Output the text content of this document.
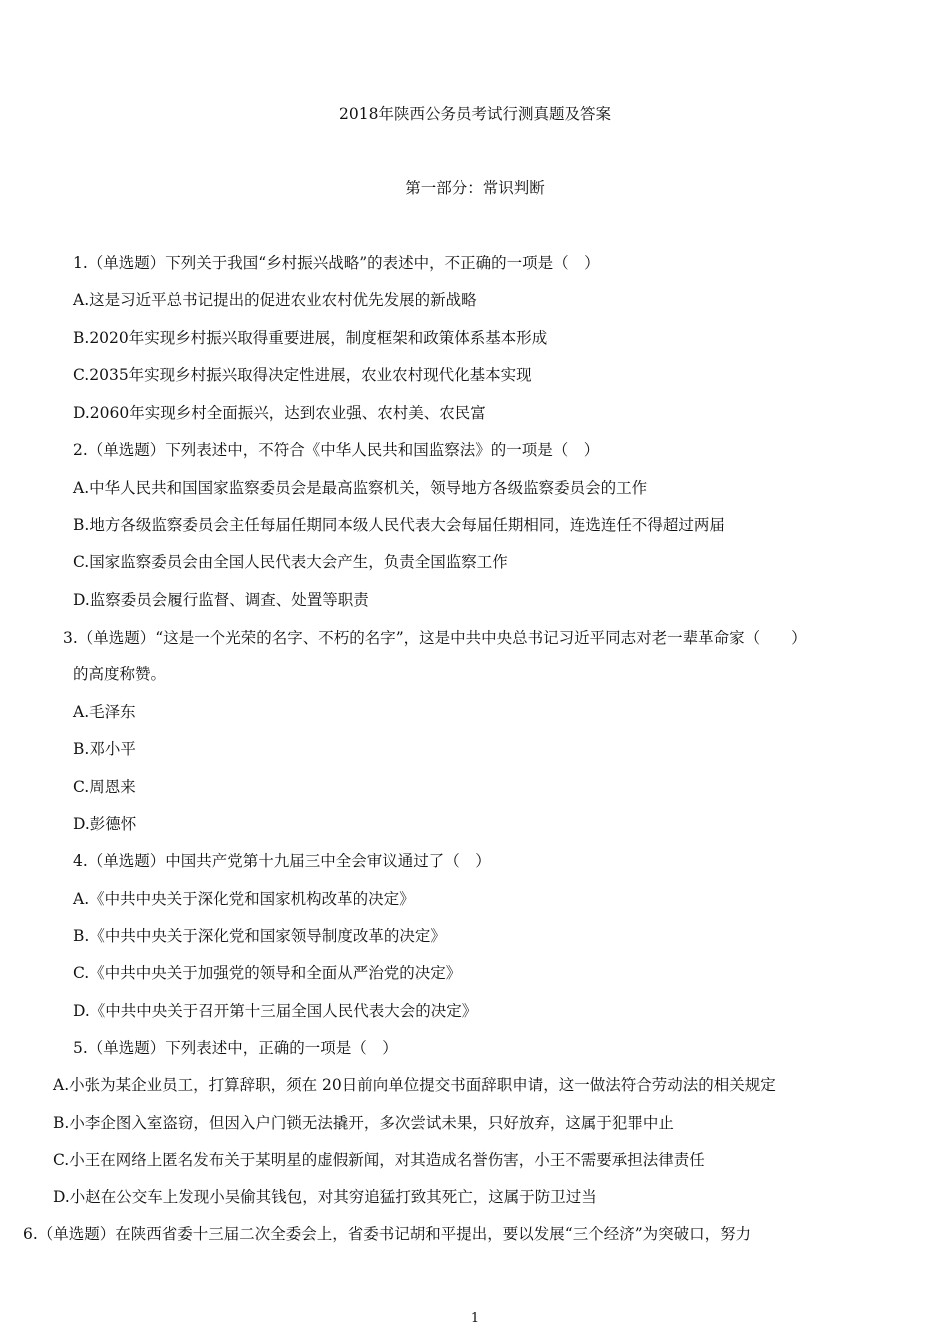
2018年陕西公务员考试行测真题及答案
第一部分：常识判断
1.（单选题）下列关于我国“乡村振兴战略”的表述中，不正确的一项是（　）
A.这是习近平总书记提出的促进农业农村优先发展的新战略
B.2020年实现乡村振兴取得重要进展，制度框架和政策体系基本形成
C.2035年实现乡村振兴取得决定性进展，农业农村现代化基本实现
D.2060年实现乡村全面振兴，达到农业强、农村美、农民富
2.（单选题）下列表述中，不符合《中华人民共和国监察法》的一项是（　）
A.中华人民共和国国家监察委员会是最高监察机关，领导地方各级监察委员会的工作
B.地方各级监察委员会主任每届任期同本级人民代表大会每届任期相同，连选连任不得超过两届
C.国家监察委员会由全国人民代表大会产生，负责全国监察工作
D.监察委员会履行监督、调查、处置等职责
3.（单选题）“这是一个光荣的名字、不朽的名字”，这是中共中央总书记习近平同志对老一辈革命家（　　）
的高度称赞。
A.毛泽东
B.邓小平
C.周恩来
D.彭德怀
4.（单选题）中国共产党第十九届三中全会审议通过了（　）
A.《中共中央关于深化党和国家机构改革的决定》
B.《中共中央关于深化党和国家领导制度改革的决定》
C.《中共中央关于加强党的领导和全面从严治党的决定》
D.《中共中央关于召开第十三届全国人民代表大会的决定》
5.（单选题）下列表述中，正确的一项是（　）
A.小张为某企业员工，打算辞职，须在 20日前向单位提交书面辞职申请，这一做法符合劳动法的相关规定
B.小李企图入室盗窃，但因入户门锁无法撬开，多次尝试未果，只好放弃，这属于犯罪中止
C.小王在网络上匿名发布关于某明星的虚假新闻，对其造成名誉伤害，小王不需要承担法律责任
D.小赵在公交车上发现小吴偷其钱包，对其穷追猛打致其死亡，这属于防卫过当
6.（单选题）在陕西省委十三届二次全委会上，省委书记胡和平提出，要以发展“三个经济”为突破口，努力
1
